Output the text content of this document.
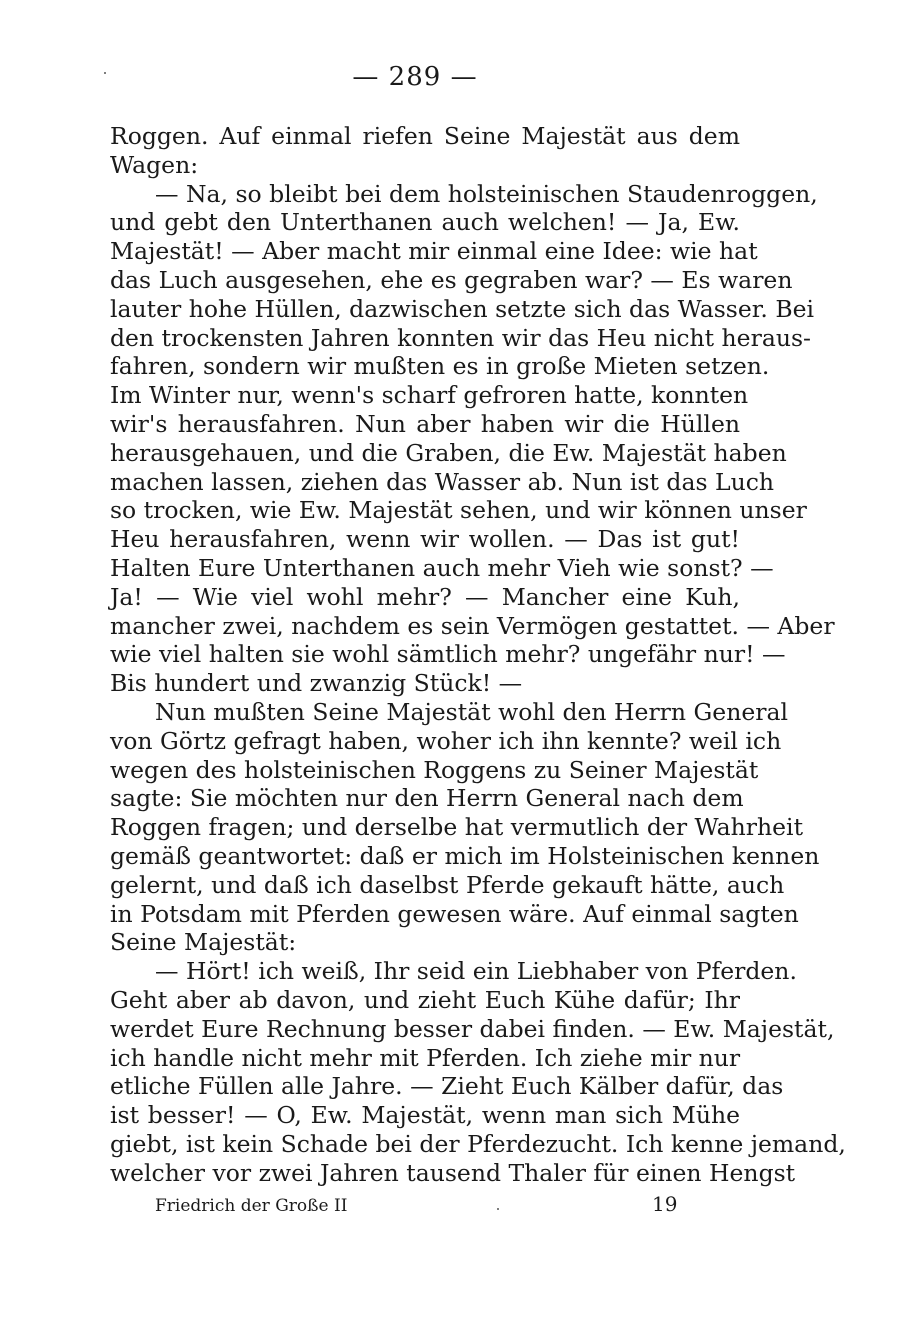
— 289 —
Roggen. Auf einmal riefen Seine Majestät aus dem
Wagen:
— Na, so bleibt bei dem holsteinischen Staudenroggen,
und gebt den Unterthanen auch welchen! — Ja, Ew.
Majestät! — Aber macht mir einmal eine Idee: wie hat
das Luch ausgesehen, ehe es gegraben war? — Es waren
lauter hohe Hüllen, dazwischen setzte sich das Wasser. Bei
den trockensten Jahren konnten wir das Heu nicht heraus-
fahren, sondern wir mußten es in große Mieten setzen.
Im Winter nur, wenn's scharf gefroren hatte, konnten
wir's herausfahren. Nun aber haben wir die Hüllen
herausgehauen, und die Graben, die Ew. Majestät haben
machen lassen, ziehen das Wasser ab. Nun ist das Luch
so trocken, wie Ew. Majestät sehen, und wir können unser
Heu herausfahren, wenn wir wollen. — Das ist gut!
Halten Eure Unterthanen auch mehr Vieh wie sonst? —
Ja! — Wie viel wohl mehr? — Mancher eine Kuh,
mancher zwei, nachdem es sein Vermögen gestattet. — Aber
wie viel halten sie wohl sämtlich mehr? ungefähr nur! —
Bis hundert und zwanzig Stück! —
Nun mußten Seine Majestät wohl den Herrn General
von Görtz gefragt haben, woher ich ihn kennte? weil ich
wegen des holsteinischen Roggens zu Seiner Majestät
sagte: Sie möchten nur den Herrn General nach dem
Roggen fragen; und derselbe hat vermutlich der Wahrheit
gemäß geantwortet: daß er mich im Holsteinischen kennen
gelernt, und daß ich daselbst Pferde gekauft hätte, auch
in Potsdam mit Pferden gewesen wäre. Auf einmal sagten
Seine Majestät:
— Hört! ich weiß, Ihr seid ein Liebhaber von Pferden.
Geht aber ab davon, und zieht Euch Kühe dafür; Ihr
werdet Eure Rechnung besser dabei finden. — Ew. Majestät,
ich handle nicht mehr mit Pferden. Ich ziehe mir nur
etliche Füllen alle Jahre. — Zieht Euch Kälber dafür, das
ist besser! — O, Ew. Majestät, wenn man sich Mühe
giebt, ist kein Schade bei der Pferdezucht. Ich kenne jemand,
welcher vor zwei Jahren tausend Thaler für einen Hengst
Friedrich der Große II	19
